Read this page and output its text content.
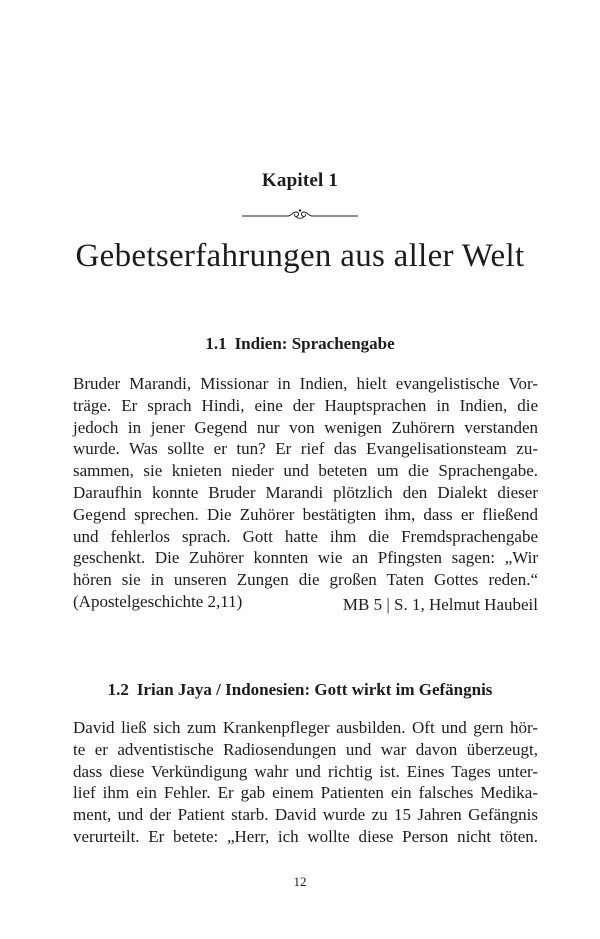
Kapitel 1
Gebetserfahrungen aus aller Welt
1.1 Indien: Sprachengabe
Bruder Marandi, Missionar in Indien, hielt evangelistische Vor-
träge. Er sprach Hindi, eine der Hauptsprachen in Indien, die
jedoch in jener Gegend nur von wenigen Zuhörern verstanden
wurde. Was sollte er tun? Er rief das Evangelisationsteam zu-
sammen, sie knieten nieder und beteten um die Sprachengabe.
Daraufhin konnte Bruder Marandi plötzlich den Dialekt dieser
Gegend sprechen. Die Zuhörer bestätigten ihm, dass er fließend
und fehlerlos sprach. Gott hatte ihm die Fremdsprachengabe
geschenkt. Die Zuhörer konnten wie an Pfingsten sagen: „Wir
hören sie in unseren Zungen die großen Taten Gottes reden.“
(Apostelgeschichte 2,11)	MB 5 | S. 1, Helmut Haubeil
1.2 Irian Jaya / Indonesien: Gott wirkt im Gefängnis
David ließ sich zum Krankenpfleger ausbilden. Oft und gern hör-
te er adventistische Radiosendungen und war davon überzeugt,
dass diese Verkündigung wahr und richtig ist. Eines Tages unter-
lief ihm ein Fehler. Er gab einem Patienten ein falsches Medika-
ment, und der Patient starb. David wurde zu 15 Jahren Gefängnis
verurteilt. Er betete: „Herr, ich wollte diese Person nicht töten.
12
